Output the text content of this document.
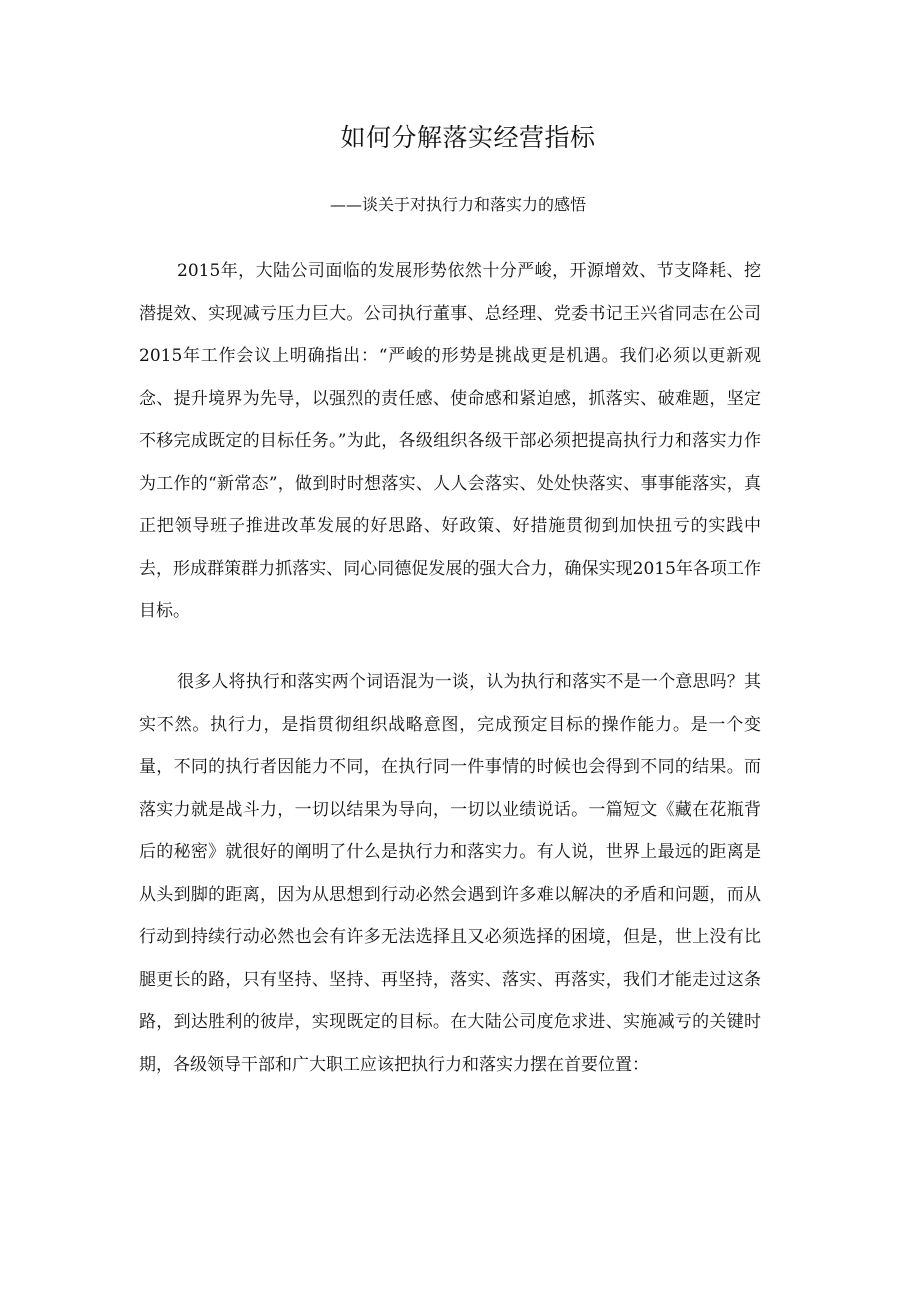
如何分解落实经营指标

——谈关于对执行力和落实力的感悟

2015年，大陆公司面临的发展形势依然十分严峻，开源增效、节支降耗、挖潜提效、实现减亏压力巨大。公司执行董事、总经理、党委书记王兴省同志在公司2015年工作会议上明确指出：“严峻的形势是挑战更是机遇。我们必须以更新观念、提升境界为先导，以强烈的责任感、使命感和紧迫感，抓落实、破难题，坚定不移完成既定的目标任务。”为此，各级组织各级干部必须把提高执行力和落实力作为工作的“新常态”，做到时时想落实、人人会落实、处处快落实、事事能落实，真正把领导班子推进改革发展的好思路、好政策、好措施贯彻到加快扭亏的实践中去，形成群策群力抓落实、同心同德促发展的强大合力，确保实现2015年各项工作目标。

很多人将执行和落实两个词语混为一谈，认为执行和落实不是一个意思吗？其实不然。执行力，是指贯彻组织战略意图，完成预定目标的操作能力。是一个变量，不同的执行者因能力不同，在执行同一件事情的时候也会得到不同的结果。而落实力就是战斗力，一切以结果为导向，一切以业绩说话。一篇短文《藏在花瓶背后的秘密》就很好的阐明了什么是执行力和落实力。有人说，世界上最远的距离是从头到脚的距离，因为从思想到行动必然会遇到许多难以解决的矛盾和问题，而从行动到持续行动必然也会有许多无法选择且又必须选择的困境，但是，世上没有比腿更长的路，只有坚持、坚持、再坚持，落实、落实、再落实，我们才能走过这条路，到达胜利的彼岸，实现既定的目标。在大陆公司度危求进、实施减亏的关键时期，各级领导干部和广大职工应该把执行力和落实力摆在首要位置：
